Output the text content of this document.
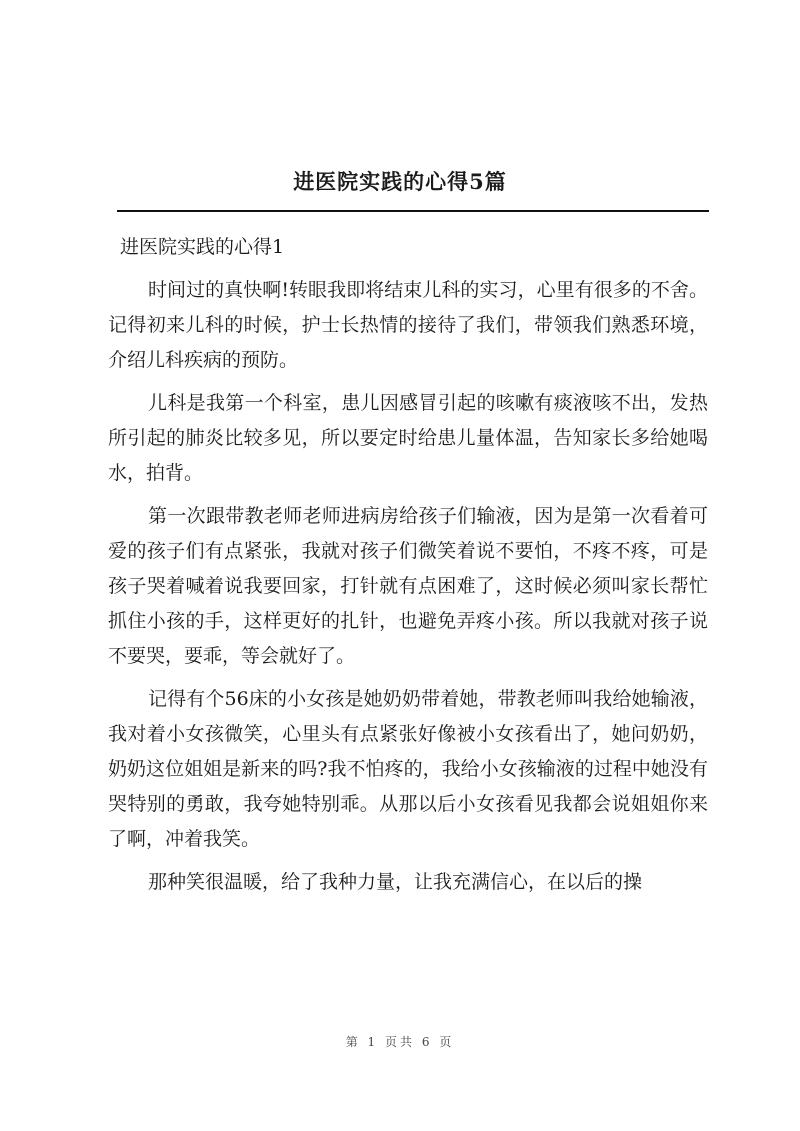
进医院实践的心得5篇

进医院实践的心得1

时间过的真快啊!转眼我即将结束儿科的实习，心里有很多的不舍。记得初来儿科的时候，护士长热情的接待了我们，带领我们熟悉环境，介绍儿科疾病的预防。

儿科是我第一个科室，患儿因感冒引起的咳嗽有痰液咳不出，发热所引起的肺炎比较多见，所以要定时给患儿量体温，告知家长多给她喝水，拍背。

第一次跟带教老师老师进病房给孩子们输液，因为是第一次看着可爱的孩子们有点紧张，我就对孩子们微笑着说不要怕，不疼不疼，可是孩子哭着喊着说我要回家，打针就有点困难了，这时候必须叫家长帮忙抓住小孩的手，这样更好的扎针，也避免弄疼小孩。所以我就对孩子说不要哭，要乖，等会就好了。

记得有个56床的小女孩是她奶奶带着她，带教老师叫我给她输液，我对着小女孩微笑，心里头有点紧张好像被小女孩看出了，她问奶奶，奶奶这位姐姐是新来的吗?我不怕疼的，我给小女孩输液的过程中她没有哭特别的勇敢，我夸她特别乖。从那以后小女孩看见我都会说姐姐你来了啊，冲着我笑。

那种笑很温暖，给了我种力量，让我充满信心，在以后的操

第 1 页共 6 页
